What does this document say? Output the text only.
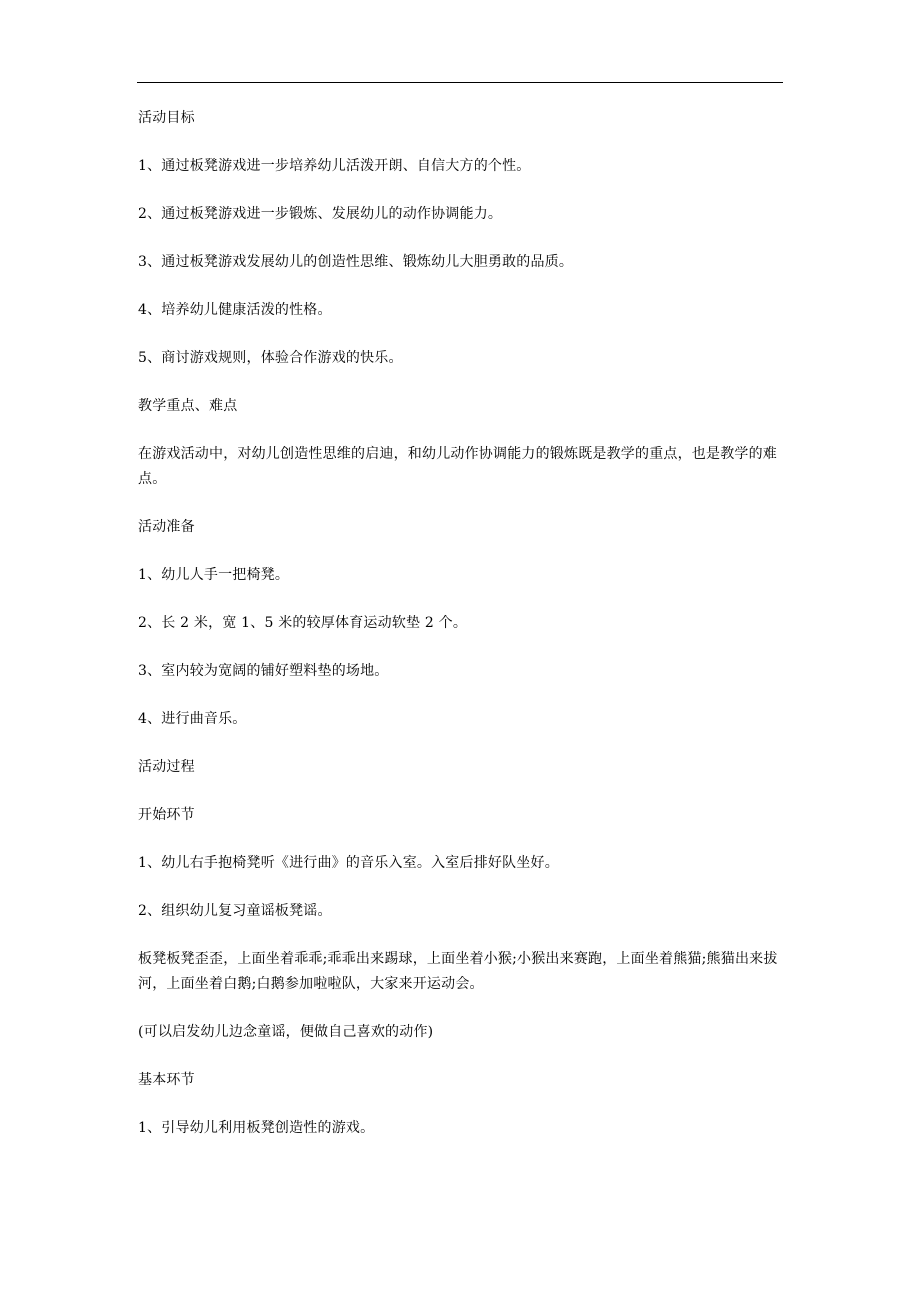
活动目标

1、通过板凳游戏进一步培养幼儿活泼开朗、自信大方的个性。

2、通过板凳游戏进一步锻炼、发展幼儿的动作协调能力。

3、通过板凳游戏发展幼儿的创造性思维、锻炼幼儿大胆勇敢的品质。

4、培养幼儿健康活泼的性格。

5、商讨游戏规则，体验合作游戏的快乐。

教学重点、难点

在游戏活动中，对幼儿创造性思维的启迪，和幼儿动作协调能力的锻炼既是教学的重点，也是教学的难点。

活动准备

1、幼儿人手一把椅凳。

2、长 2 米，宽 1、5 米的较厚体育运动软垫 2 个。

3、室内较为宽阔的铺好塑料垫的场地。

4、进行曲音乐。

活动过程

开始环节

1、幼儿右手抱椅凳听《进行曲》的音乐入室。入室后排好队坐好。

2、组织幼儿复习童谣板凳谣。

板凳板凳歪歪，上面坐着乖乖;乖乖出来踢球，上面坐着小猴;小猴出来赛跑，上面坐着熊猫;熊猫出来拔河，上面坐着白鹅;白鹅参加啦啦队，大家来开运动会。

(可以启发幼儿边念童谣，便做自己喜欢的动作)

基本环节

1、引导幼儿利用板凳创造性的游戏。
